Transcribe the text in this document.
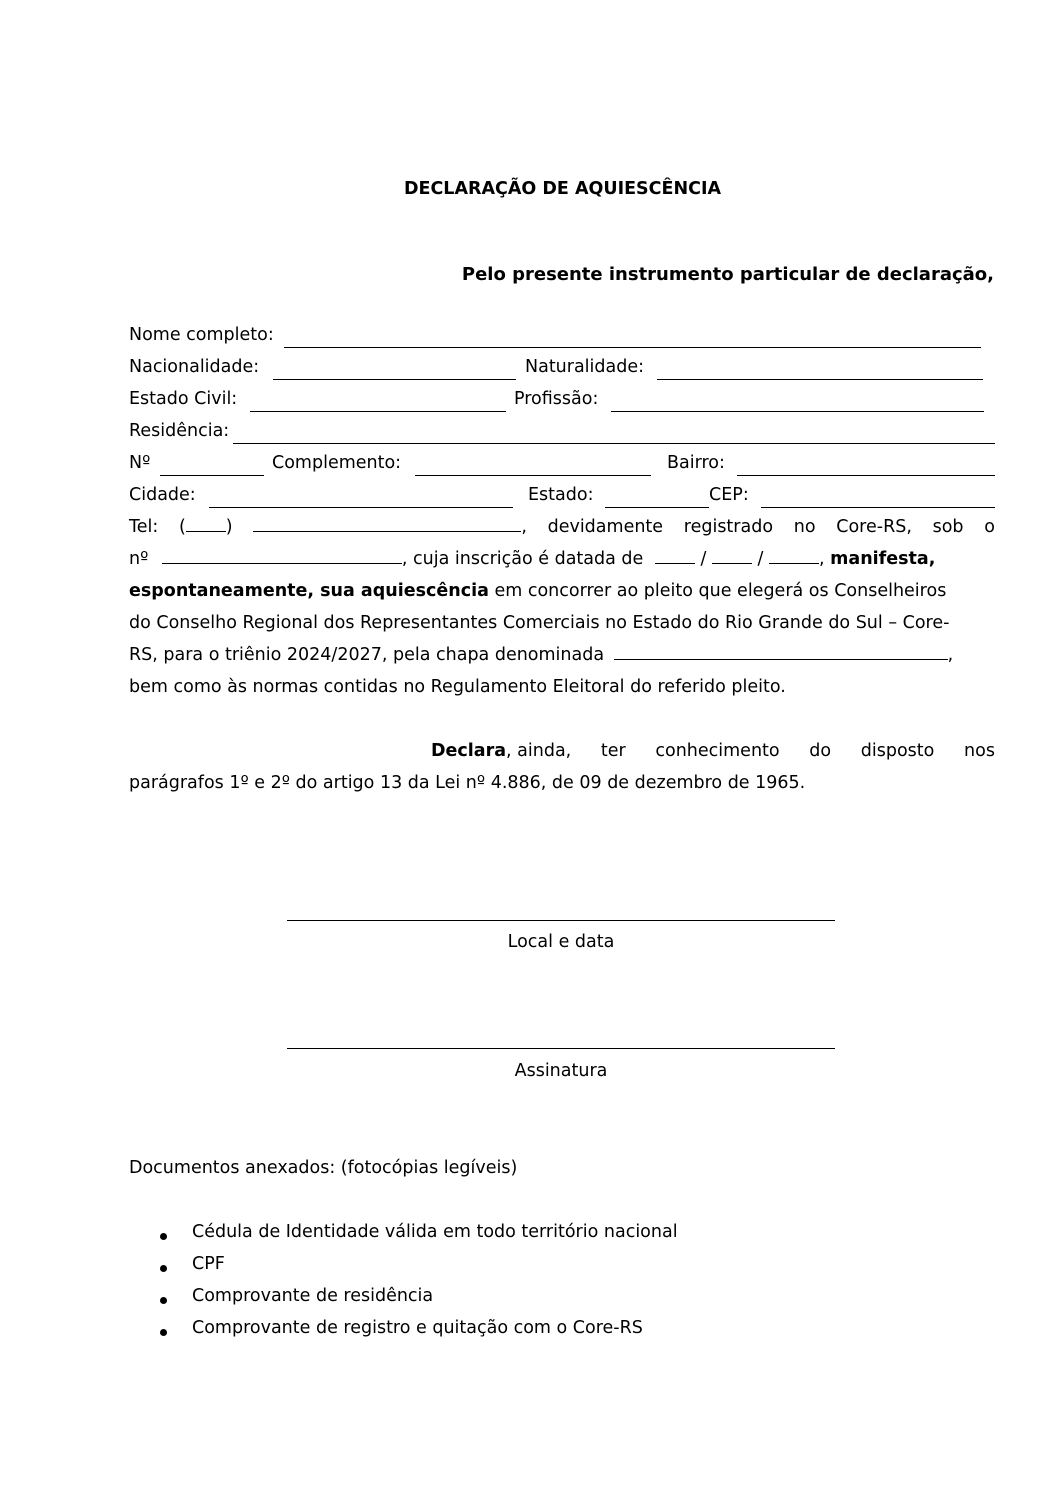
DECLARAÇÃO DE AQUIESCÊNCIA
Pelo presente instrumento particular de declaração,
Nome completo:
Nacionalidade:	Naturalidade:
Estado Civil:	Profissão:
Residência:
Nº	Complemento:	Bairro:
Cidade:	Estado:	CEP:
Tel: ( )	, devidamente registrado no Core-RS, sob o
nº	, cuja inscrição é datada de	/	/	, manifesta,
espontaneamente, sua aquiescência em concorrer ao pleito que elegerá os Conselheiros
do Conselho Regional dos Representantes Comerciais no Estado do Rio Grande do Sul – Core-
RS, para o triênio 2024/2027, pela chapa denominada	,
bem como às normas contidas no Regulamento Eleitoral do referido pleito.
Declara, ainda, ter conhecimento do disposto nos
parágrafos 1º e 2º do artigo 13 da Lei nº 4.886, de 09 de dezembro de 1965.
Local e data
Assinatura
Documentos anexados: (fotocópias legíveis)
Cédula de Identidade válida em todo território nacional
CPF
Comprovante de residência
Comprovante de registro e quitação com o Core-RS
